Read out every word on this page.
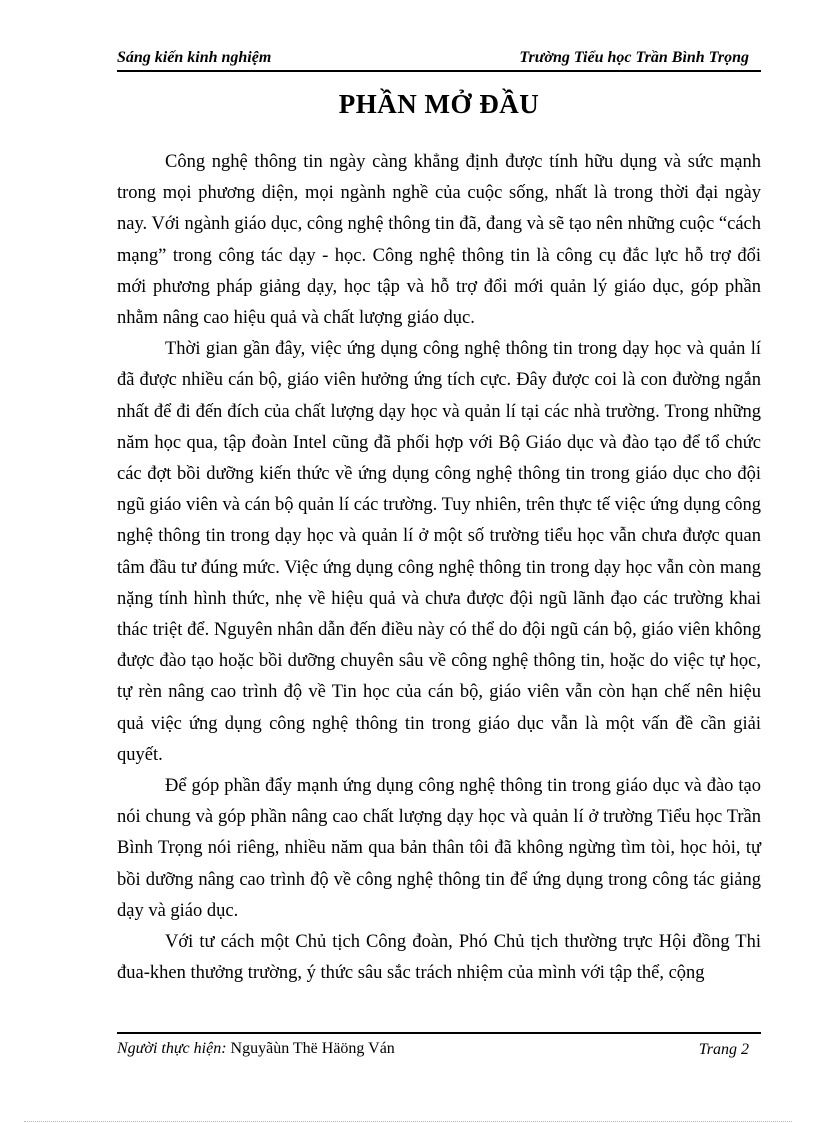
Sáng kiến kinh nghiệm	Trường Tiểu học Trần Bình Trọng
PHẦN MỞ ĐẦU

Công nghệ thông tin ngày càng khẳng định được tính hữu dụng và sức mạnh trong mọi phương diện, mọi ngành nghề của cuộc sống, nhất là trong thời đại ngày nay. Với ngành giáo dục, công nghệ thông tin đã, đang và sẽ tạo nên những cuộc “cách mạng” trong công tác dạy - học. Công nghệ thông tin là công cụ đắc lực hỗ trợ đổi mới phương pháp giảng dạy, học tập và hỗ trợ đổi mới quản lý giáo dục, góp phần nhằm nâng cao hiệu quả và chất lượng giáo dục.

Thời gian gần đây, việc ứng dụng công nghệ thông tin trong dạy học và quản lí đã được nhiều cán bộ, giáo viên hưởng ứng tích cực. Đây được coi là con đường ngắn nhất để đi đến đích của chất lượng dạy học và quản lí tại các nhà trường. Trong những năm học qua, tập đoàn Intel cũng đã phối hợp với Bộ Giáo dục và đào tạo để tổ chức các đợt bồi dưỡng kiến thức về ứng dụng công nghệ thông tin trong giáo dục cho đội ngũ giáo viên và cán bộ quản lí các trường. Tuy nhiên, trên thực tế việc ứng dụng công nghệ thông tin trong dạy học và quản lí ở một số trường tiểu học vẫn chưa được quan tâm đầu tư đúng mức. Việc ứng dụng công nghệ thông tin trong dạy học vẫn còn mang nặng tính hình thức, nhẹ về hiệu quả và chưa được đội ngũ lãnh đạo các trường khai thác triệt để. Nguyên nhân dẫn đến điều này có thể do đội ngũ cán bộ, giáo viên không được đào tạo hoặc bồi dưỡng chuyên sâu về công nghệ thông tin, hoặc do việc tự học, tự rèn nâng cao trình độ về Tin học của cán bộ, giáo viên vẫn còn hạn chế nên hiệu quả việc ứng dụng công nghệ thông tin trong giáo dục vẫn là một vấn đề cần giải quyết.

Để góp phần đẩy mạnh ứng dụng công nghệ thông tin trong giáo dục và đào tạo nói chung và góp phần nâng cao chất lượng dạy học và quản lí ở trường Tiểu học Trần Bình Trọng nói riêng, nhiều năm qua bản thân tôi đã không ngừng tìm tòi, học hỏi, tự bồi dưỡng nâng cao trình độ về công nghệ thông tin để ứng dụng trong công tác giảng dạy và giáo dục.

Với tư cách một Chủ tịch Công đoàn, Phó Chủ tịch thường trực Hội đồng Thi đua-khen thưởng trường, ý thức sâu sắc trách nhiệm của mình với tập thể, cộng

Người thực hiện: Nguyãùn Thë Häöng Ván	Trang 2
